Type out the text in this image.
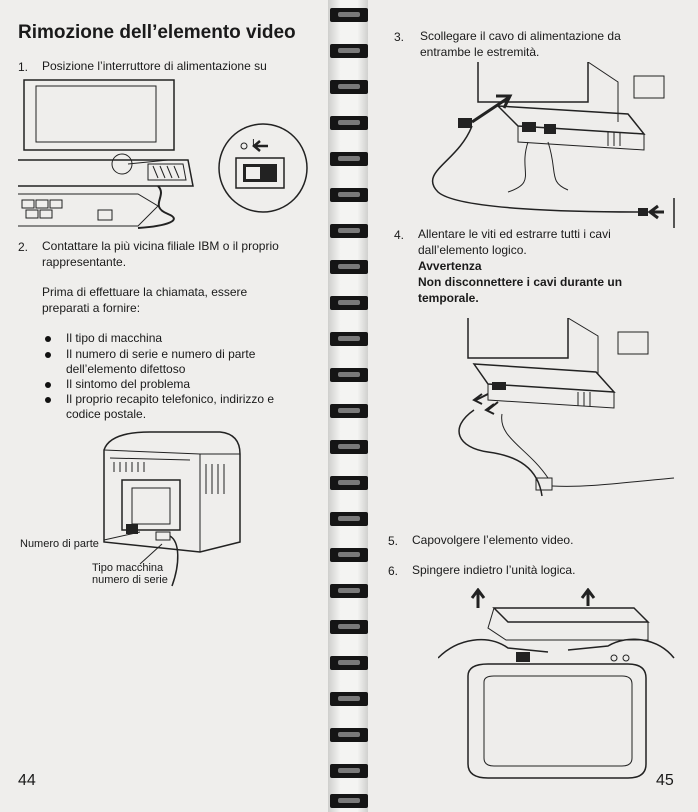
Rimozione dell’elemento video
1. Posizione l’interruttore di alimentazione su
I
2. Contattare la più vicina filiale IBM o il proprio
rappresentante.
Prima di effettuare la chiamata, essere
preparati a fornire:
Il tipo di macchina
Il numero di serie e numero di parte
dell’elemento difettoso
Il sintomo del problema
Il proprio recapito telefonico, indirizzo e
codice postale.
Numero di parte
Tipo macchina
numero di serie
44
3. Scollegare il cavo di alimentazione da
entrambe le estremità.
4. Allentare le viti ed estrarre tutti i cavi
dall’elemento logico.
Avvertenza
Non disconnettere i cavi durante un
temporale.
5. Capovolgere l’elemento video.
6. Spingere indietro l’unità logica.
45
